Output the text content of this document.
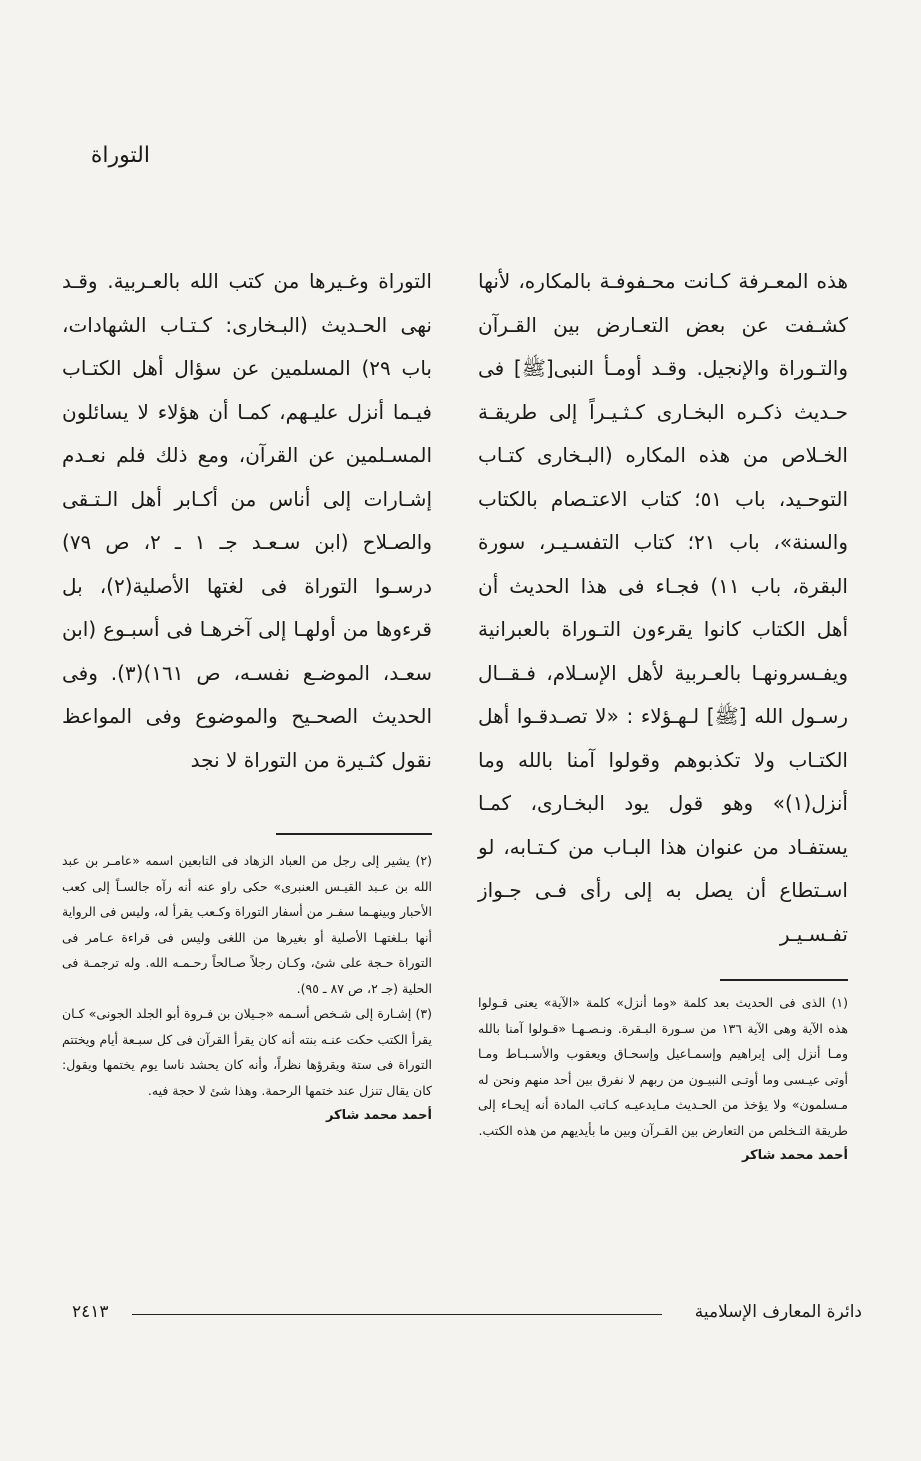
التوراة

هذه المعـرفة كـانت محـفوفـة بالمكاره، لأنها كشـفت عن بعض التعـارض بين القـرآن والتـوراة والإنجيل. وقـد أومـأ النبى[ﷺ] فى حـديث ذكـره البخـارى كـثـيـراً إلى طريقـة الخـلاص من هذه المكاره (البـخارى كتـاب التوحـيد، باب ٥١؛ كتاب الاعتـصام بالكتاب والسنة»، باب ٢١؛ كتاب التفسـيـر، سورة البقرة، باب ١١) فجـاء فى هذا الحديث أن أهل الكتاب كانوا يقرءون التـوراة بالعبرانية ويفـسرونهـا بالعـربية لأهل الإسـلام، فـقــال رسـول الله [ﷺ] لـهـؤلاء : «لا تصـدقـوا أهل الكتـاب ولا تكذبوهم وقولوا آمنا بالله وما أنزل(١)» وهو قول يود البخـارى، كمـا يستفـاد من عنوان هذا البـاب من كـتـابه، لو اسـتطاع أن يصل به إلى رأى فـى جـواز تفـسـيـر

التوراة وغـيرها من كتب الله بالعـربية. وقـد نهى الحـديث (البـخارى: كـتـاب الشهادات، باب ٢٩) المسلمين عن سؤال أهل الكتـاب فيـما أنزل عليـهم، كمـا أن هؤلاء لا يسائلون المسـلمين عن القرآن، ومع ذلك فلم نعـدم إشـارات إلى أناس من أكـابر أهل الـتـقى والصـلاح (ابن سـعـد جـ ١ ـ ٢، ص ٧٩) درسـوا التوراة فى لغتها الأصلية(٢)، بل قرءوها من أولهـا إلى آخرهـا فى أسبـوع (ابن سعـد، الموضـع نفسـه، ص ١٦١)(٣). وفى الحديث الصحـيح والموضوع وفى المواعظ نقول كثـيرة من التوراة لا نجد

(٢) يشير إلى رجل من العباد الزهاد فى التابعين اسمه «عامـر بن عبد الله بن عـبد القيـس العنبرى» حكى راو عنه أنه رآه جالسـاً إلى كعب الأحبار وبينهـما سفـر من أسفار التوراة وكـعب يقرأ له، وليس فى الرواية أنها بـلغتهـا الأصلية أو بغيرها من اللغى وليس فى قراءة عـامر فى التوراة حـجة على شئ، وكـان رجلاً صـالحاً رحـمـه الله. وله ترجمـة فى الحلية (جـ ٢، ص ٨٧ ـ ٩٥).

(٣) إشـارة إلى شـخص أسـمه «جـيلان بن فـروة أبو الجلد الجونى» كـان يقرأ الكتب حكت عنـه بنته أنه كان يقرأ القرآن فى كل سبـعة أيام ويختتم التوراة فى ستة ويقرؤها نظراً، وأنه كان يحشد ناسا يوم يختمها ويقول: كان يقال تنزل عند ختمها الرحمة. وهذا شئ لا حجة فيه.

أحمد محمد شاكر

(١) الذى فى الحديث بعد كلمة «وما أنزل» كلمة «الآية» يعنى قـولوا هذه الآية وهى الآية ١٣٦ من سـورة البـقرة. ونـصـهـا «قـولوا آمنا بالله ومـا أنزل إلى إبراهيم وإسمـاعيل وإسحـاق ويعقوب والأسـبـاط ومـا أوتى عيـسى وما أوتـى النبيـون من ربهم لا نفرق بين أحد منهم ونحن له مـسلمون» ولا يؤخذ من الحـديث مـايدعيـه كـاتب المادة أنه إيحـاء إلى طريقة التـخلص من التعارض بين القـرآن وبين ما بأيديهم من هذه الكتب.

أحمد محمد شاكر

دائرة المعارف الإسلامية
٢٤١٣
